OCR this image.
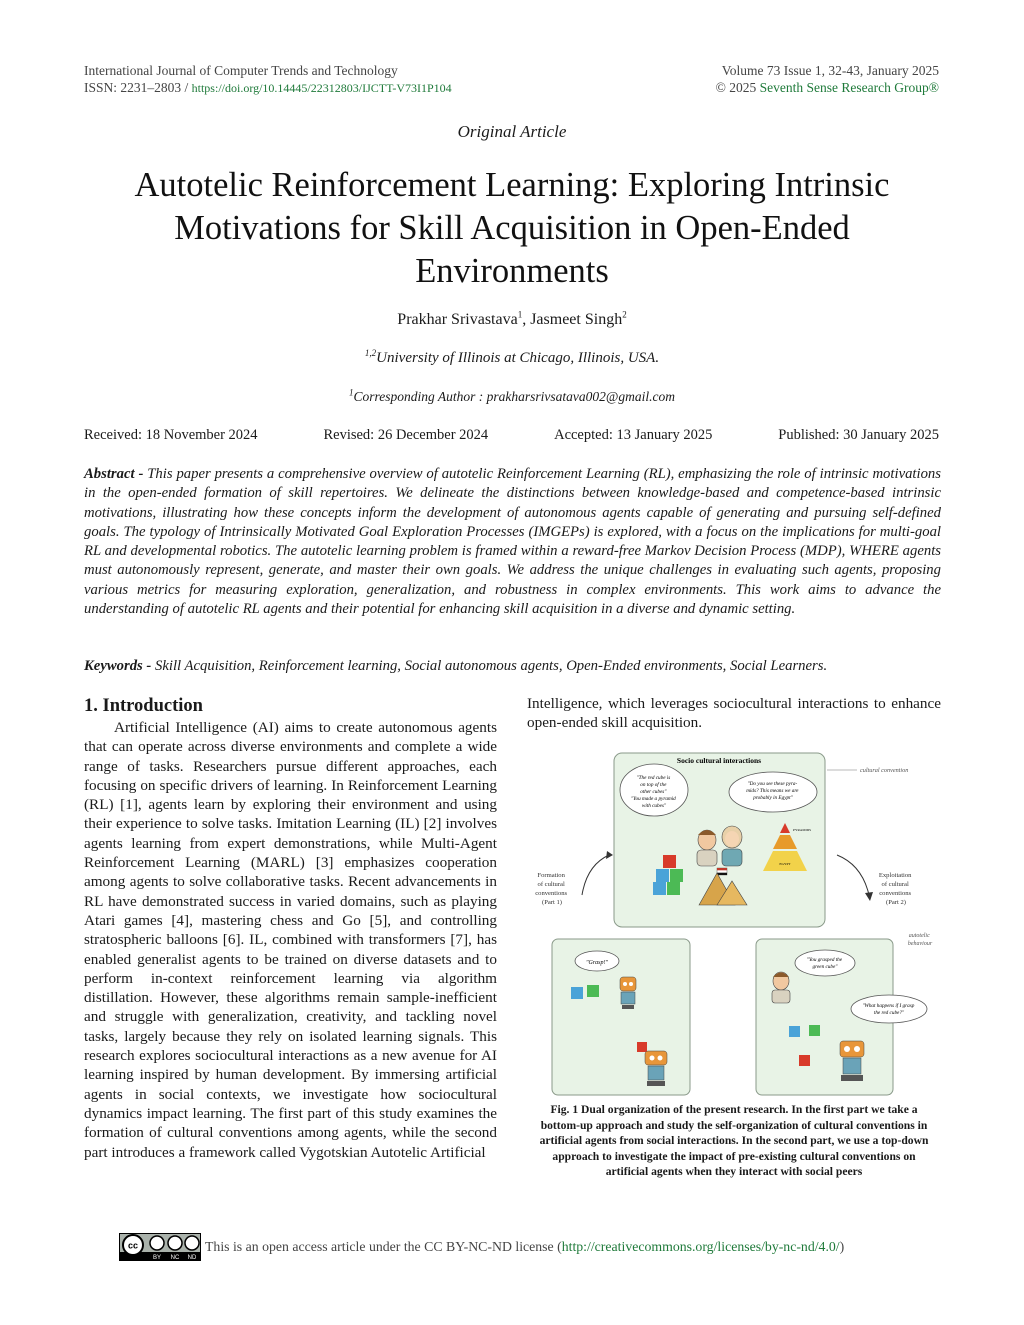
International Journal of Computer Trends and Technology
ISSN: 2231–2803 / https://doi.org/10.14445/22312803/IJCTT-V73I1P104
Volume 73 Issue 1, 32-43, January 2025
© 2025 Seventh Sense Research Group®
Original Article
Autotelic Reinforcement Learning: Exploring Intrinsic Motivations for Skill Acquisition in Open-Ended Environments
Prakhar Srivastava$^1$, Jasmeet Singh$^2$
$^{1,2}$University of Illinois at Chicago, Illinois, USA.
$^1$Corresponding Author : prakharsrivsatava002@gmail.com
Received: 18 November 2024	Revised: 26 December 2024	Accepted: 13 January 2025	Published: 30 January 2025
Abstract - This paper presents a comprehensive overview of autotelic Reinforcement Learning (RL), emphasizing the role of intrinsic motivations in the open-ended formation of skill repertoires. We delineate the distinctions between knowledge-based and competence-based intrinsic motivations, illustrating how these concepts inform the development of autonomous agents capable of generating and pursuing self-defined goals. The typology of Intrinsically Motivated Goal Exploration Processes (IMGEPs) is explored, with a focus on the implications for multi-goal RL and developmental robotics. The autotelic learning problem is framed within a reward-free Markov Decision Process (MDP), WHERE agents must autonomously represent, generate, and master their own goals. We address the unique challenges in evaluating such agents, proposing various metrics for measuring exploration, generalization, and robustness in complex environments. This work aims to advance the understanding of autotelic RL agents and their potential for enhancing skill acquisition in a diverse and dynamic setting.
Keywords - Skill Acquisition, Reinforcement learning, Social autonomous agents, Open-Ended environments, Social Learners.
1. Introduction

Artificial Intelligence (AI) aims to create autonomous agents that can operate across diverse environments and complete a wide range of tasks. Researchers pursue different approaches, each focusing on specific drivers of learning. In Reinforcement Learning (RL) [1], agents learn by exploring their environment and using their experience to solve tasks. Imitation Learning (IL) [2] involves agents learning from expert demonstrations, while Multi-Agent Reinforcement Learning (MARL) [3] emphasizes cooperation among agents to solve collaborative tasks. Recent advancements in RL have demonstrated success in varied domains, such as playing Atari games [4], mastering chess and Go [5], and controlling stratospheric balloons [6]. IL, combined with transformers [7], has enabled generalist agents to be trained on diverse datasets and to perform in-context reinforcement learning via algorithm distillation. However, these algorithms remain sample-inefficient and struggle with generalization, creativity, and tackling novel tasks, largely because they rely on isolated learning signals. This research explores sociocultural interactions as a new avenue for AI learning inspired by human development. By immersing artificial agents in social contexts, we investigate how sociocultural dynamics impact learning. The first part of this study examines the formation of cultural conventions among agents, while the second part introduces a framework called Vygotskian Autotelic Artificial

Intelligence, which leverages sociocultural interactions to enhance open-ended skill acquisition.

Socio cultural interactions
"The red cube is on top of the other cubes" "You made a pyramid with cubes"
"Do you see these pyra- mids? This means we are probably in Egypt"
cultural convention
PYRAMIDS
EGYPT
Formation of cultural conventions (Part 1)
Exploitation of cultural conventions (Part 2)
"Grasp!"
autotelic behaviour
"You grasped the green cube"
"What happens if I grasp the red cube?"
Fig. 1 Dual organization of the present research. In the first part we take a bottom-up approach and study the self-organization of cultural conventions in artificial agents from social interactions. In the second part, we use a top-down approach to investigate the impact of pre-existing cultural conventions on artificial agents when they interact with social peers
cc
BY NC ND
This is an open access article under the CC BY-NC-ND license ( http://creativecommons.org/licenses/by-nc-nd/4.0/ )
